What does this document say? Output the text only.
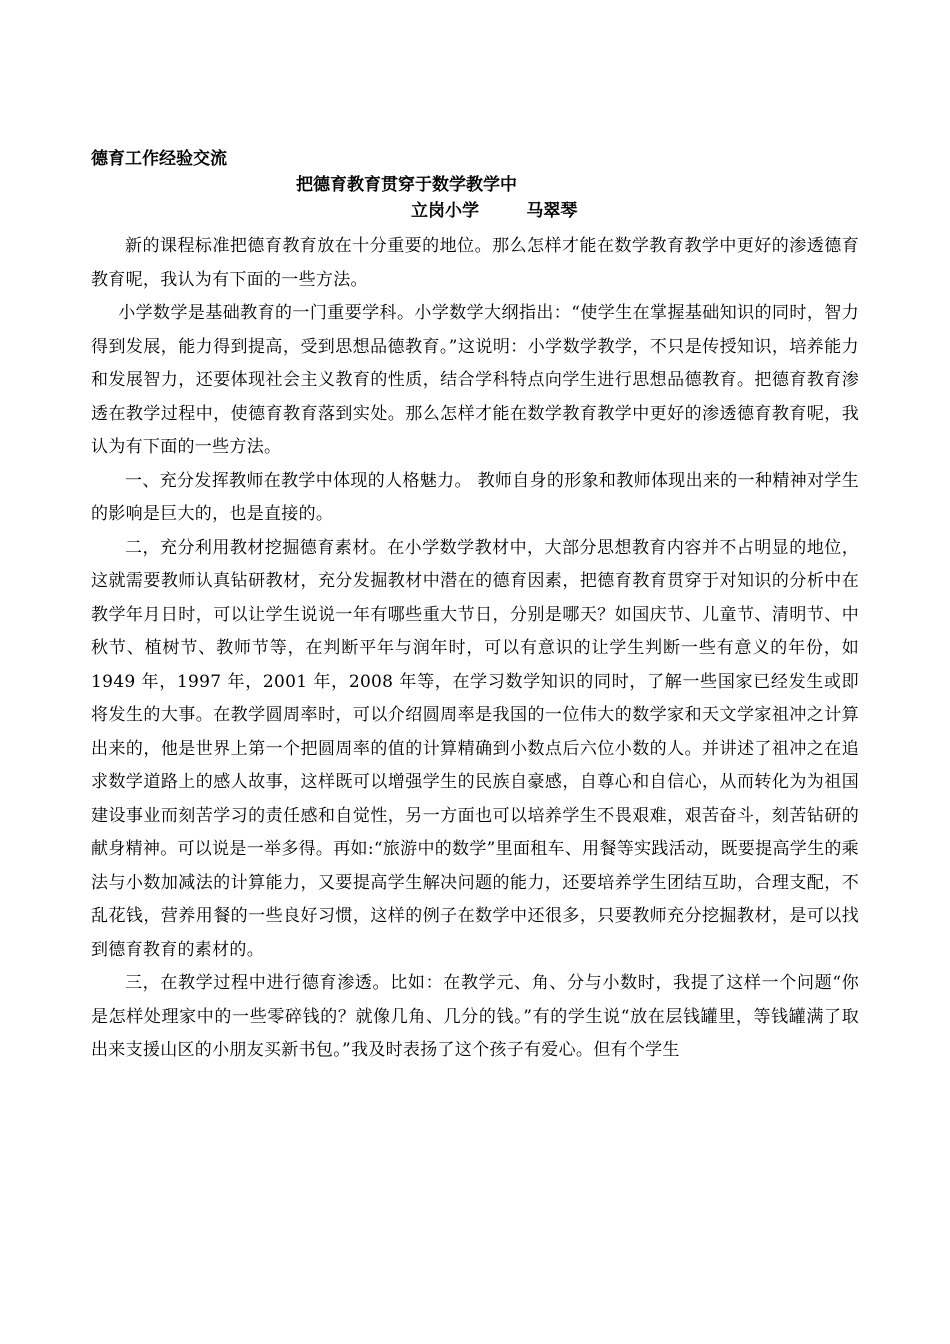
德育工作经验交流

把德育教育贯穿于数学教学中

立岗小学        马翠琴

新的课程标准把德育教育放在十分重要的地位。那么怎样才能在数学教育教学中更好的渗透德育教育呢，我认为有下面的一些方法。

小学数学是基础教育的一门重要学科。小学数学大纲指出：“使学生在掌握基础知识的同时，智力得到发展，能力得到提高，受到思想品德教育。”这说明：小学数学教学，不只是传授知识，培养能力和发展智力，还要体现社会主义教育的性质，结合学科特点向学生进行思想品德教育。把德育教育渗透在教学过程中，使德育教育落到实处。那么怎样才能在数学教育教学中更好的渗透德育教育呢，我认为有下面的一些方法。

一、充分发挥教师在教学中体现的人格魅力。 教师自身的形象和教师体现出来的一种精神对学生的影响是巨大的，也是直接的。

二，充分利用教材挖掘德育素材。在小学数学教材中，大部分思想教育内容并不占明显的地位，这就需要教师认真钻研教材，充分发掘教材中潜在的德育因素，把德育教育贯穿于对知识的分析中在教学年月日时，可以让学生说说一年有哪些重大节日，分别是哪天？如国庆节、儿童节、清明节、中秋节、植树节、教师节等，在判断平年与润年时，可以有意识的让学生判断一些有意义的年份，如 1949 年，1997 年，2001 年，2008 年等，在学习数学知识的同时，了解一些国家已经发生或即将发生的大事。在教学圆周率时，可以介绍圆周率是我国的一位伟大的数学家和天文学家祖冲之计算出来的，他是世界上第一个把圆周率的值的计算精确到小数点后六位小数的人。并讲述了祖冲之在追求数学道路上的感人故事，这样既可以增强学生的民族自豪感，自尊心和自信心，从而转化为为祖国建设事业而刻苦学习的责任感和自觉性，另一方面也可以培养学生不畏艰难，艰苦奋斗，刻苦钻研的献身精神。可以说是一举多得。再如:“旅游中的数学”里面租车、用餐等实践活动，既要提高学生的乘法与小数加减法的计算能力，又要提高学生解决问题的能力，还要培养学生团结互助，合理支配，不乱花钱，营养用餐的一些良好习惯，这样的例子在数学中还很多，只要教师充分挖掘教材，是可以找到德育教育的素材的。

三，在教学过程中进行德育渗透。比如：在教学元、角、分与小数时，我提了这样一个问题“你是怎样处理家中的一些零碎钱的？就像几角、几分的钱。”有的学生说“放在层钱罐里，等钱罐满了取出来支援山区的小朋友买新书包。”我及时表扬了这个孩子有爱心。但有个学生
